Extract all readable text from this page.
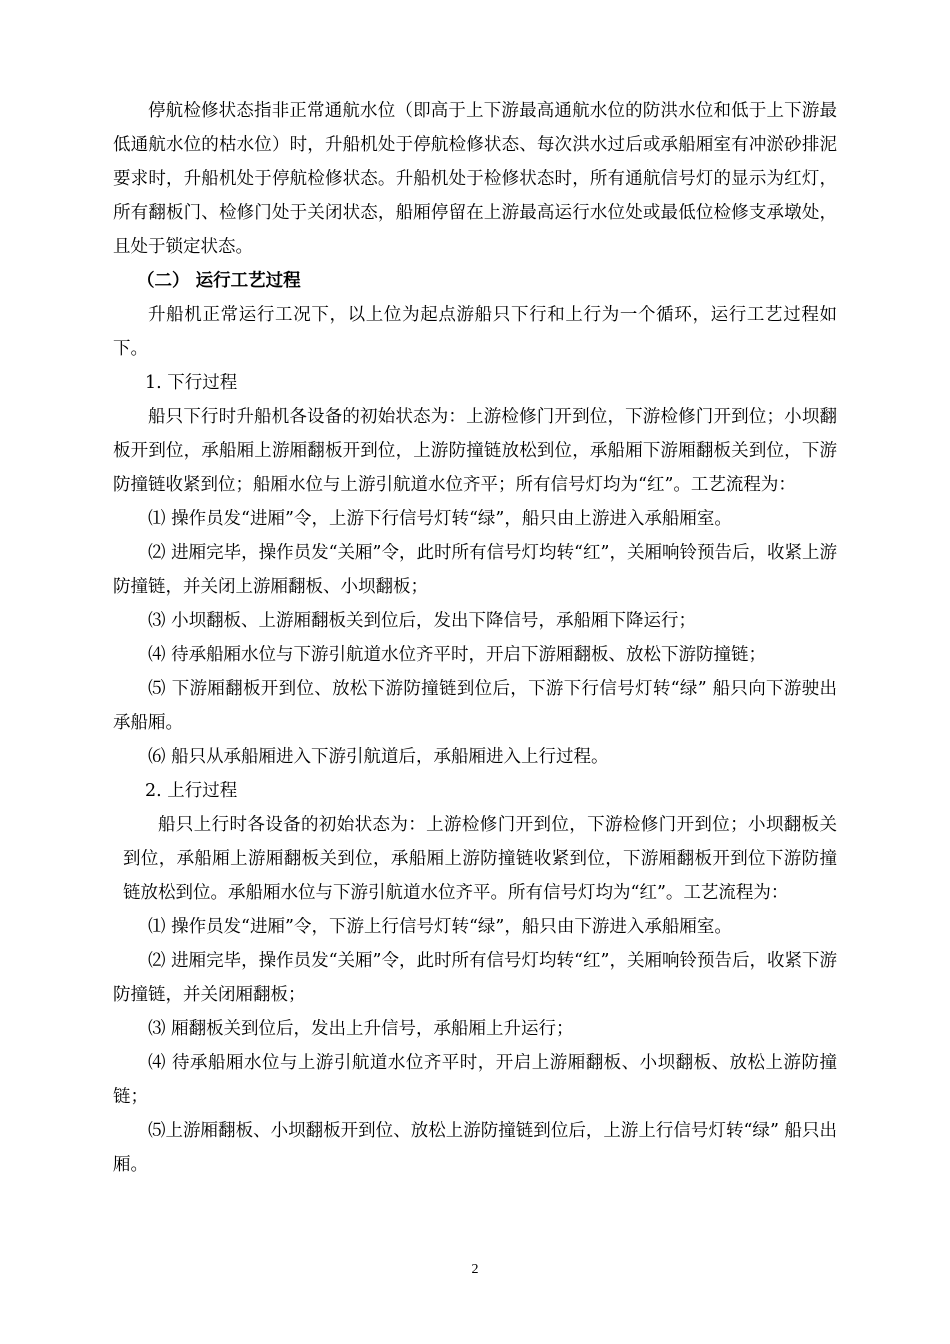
停航检修状态指非正常通航水位（即高于上下游最高通航水位的防洪水位和低于上下游最低通航水位的枯水位）时，升船机处于停航检修状态、每次洪水过后或承船厢室有冲淤砂排泥要求时，升船机处于停航检修状态。升船机处于检修状态时，所有通航信号灯的显示为红灯，所有翻板门、检修门处于关闭状态，船厢停留在上游最高运行水位处或最低位检修支承墩处，且处于锁定状态。

（二） 运行工艺过程

升船机正常运行工况下，以上位为起点游船只下行和上行为一个循环，运行工艺过程如下。

1. 下行过程

船只下行时升船机各设备的初始状态为：上游检修门开到位，下游检修门开到位；小坝翻板开到位，承船厢上游厢翻板开到位，上游防撞链放松到位，承船厢下游厢翻板关到位，下游防撞链收紧到位；船厢水位与上游引航道水位齐平；所有信号灯均为“红”。工艺流程为：

⑴ 操作员发“进厢”令，上游下行信号灯转“绿”，船只由上游进入承船厢室。

⑵ 进厢完毕，操作员发“关厢”令，此时所有信号灯均转“红”，关厢响铃预告后，收紧上游防撞链，并关闭上游厢翻板、小坝翻板；

⑶ 小坝翻板、上游厢翻板关到位后，发出下降信号，承船厢下降运行；

⑷ 待承船厢水位与下游引航道水位齐平时，开启下游厢翻板、放松下游防撞链；

⑸ 下游厢翻板开到位、放松下游防撞链到位后，下游下行信号灯转“绿” 船只向下游驶出承船厢。

⑹ 船只从承船厢进入下游引航道后，承船厢进入上行过程。

2. 上行过程

船只上行时各设备的初始状态为：上游检修门开到位，下游检修门开到位；小坝翻板关到位，承船厢上游厢翻板关到位，承船厢上游防撞链收紧到位，下游厢翻板开到位下游防撞链放松到位。承船厢水位与下游引航道水位齐平。所有信号灯均为“红”。工艺流程为：

⑴ 操作员发“进厢”令，下游上行信号灯转“绿”，船只由下游进入承船厢室。

⑵ 进厢完毕，操作员发“关厢”令，此时所有信号灯均转“红”，关厢响铃预告后，收紧下游防撞链，并关闭厢翻板；

⑶ 厢翻板关到位后，发出上升信号，承船厢上升运行；

⑷ 待承船厢水位与上游引航道水位齐平时，开启上游厢翻板、小坝翻板、放松上游防撞链；

⑸上游厢翻板、小坝翻板开到位、放松上游防撞链到位后，上游上行信号灯转“绿” 船只出厢。

2
